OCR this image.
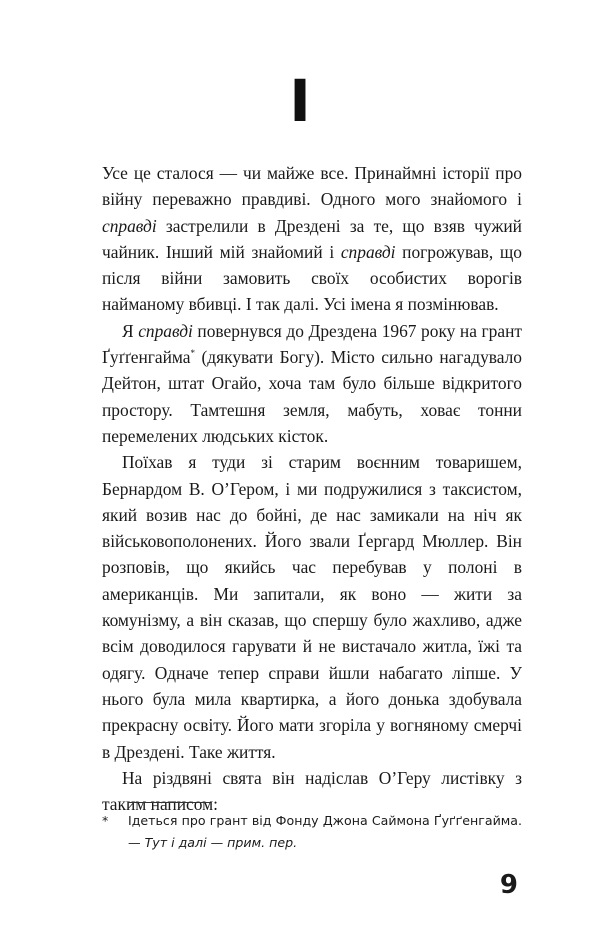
I

Усе це сталося — чи майже все. Принаймні історії про війну переважно правдиві. Одного мого знайомого і справді застрелили в Дрездені за те, що взяв чужий чайник. Інший мій знайомий і справді погрожував, що після війни замовить своїх особистих ворогів найманому вбивці. І так далі. Усі імена я позмінював.

Я справді повернувся до Дрездена 1967 року на грант Ґуґґенгайма* (дякувати Богу). Місто сильно нагадувало Дейтон, штат Огайо, хоча там було більше відкритого простору. Тамтешня земля, мабуть, ховає тонни перемелених людських кісток.

Поїхав я туди зі старим воєнним товаришем, Бернардом В. О’Гером, і ми подружилися з таксистом, який возив нас до бойні, де нас замикали на ніч як військовополонених. Його звали Ґергард Мюллер. Він розповів, що якийсь час перебував у полоні в американців. Ми запитали, як воно — жити за комунізму, а він сказав, що спершу було жахливо, адже всім доводилося гарувати й не вистачало житла, їжі та одягу. Одначе тепер справи йшли набагато ліпше. У нього була мила квартирка, а його донька здобувала прекрасну освіту. Його мати згоріла у вогняному смерчі в Дрездені. Таке життя.

На різдвяні свята він надіслав О’Геру листівку з таким написом:

* Ідеться про грант від Фонду Джона Саймона Ґуґґенгайма. — Тут і далі — прим. пер.
9
